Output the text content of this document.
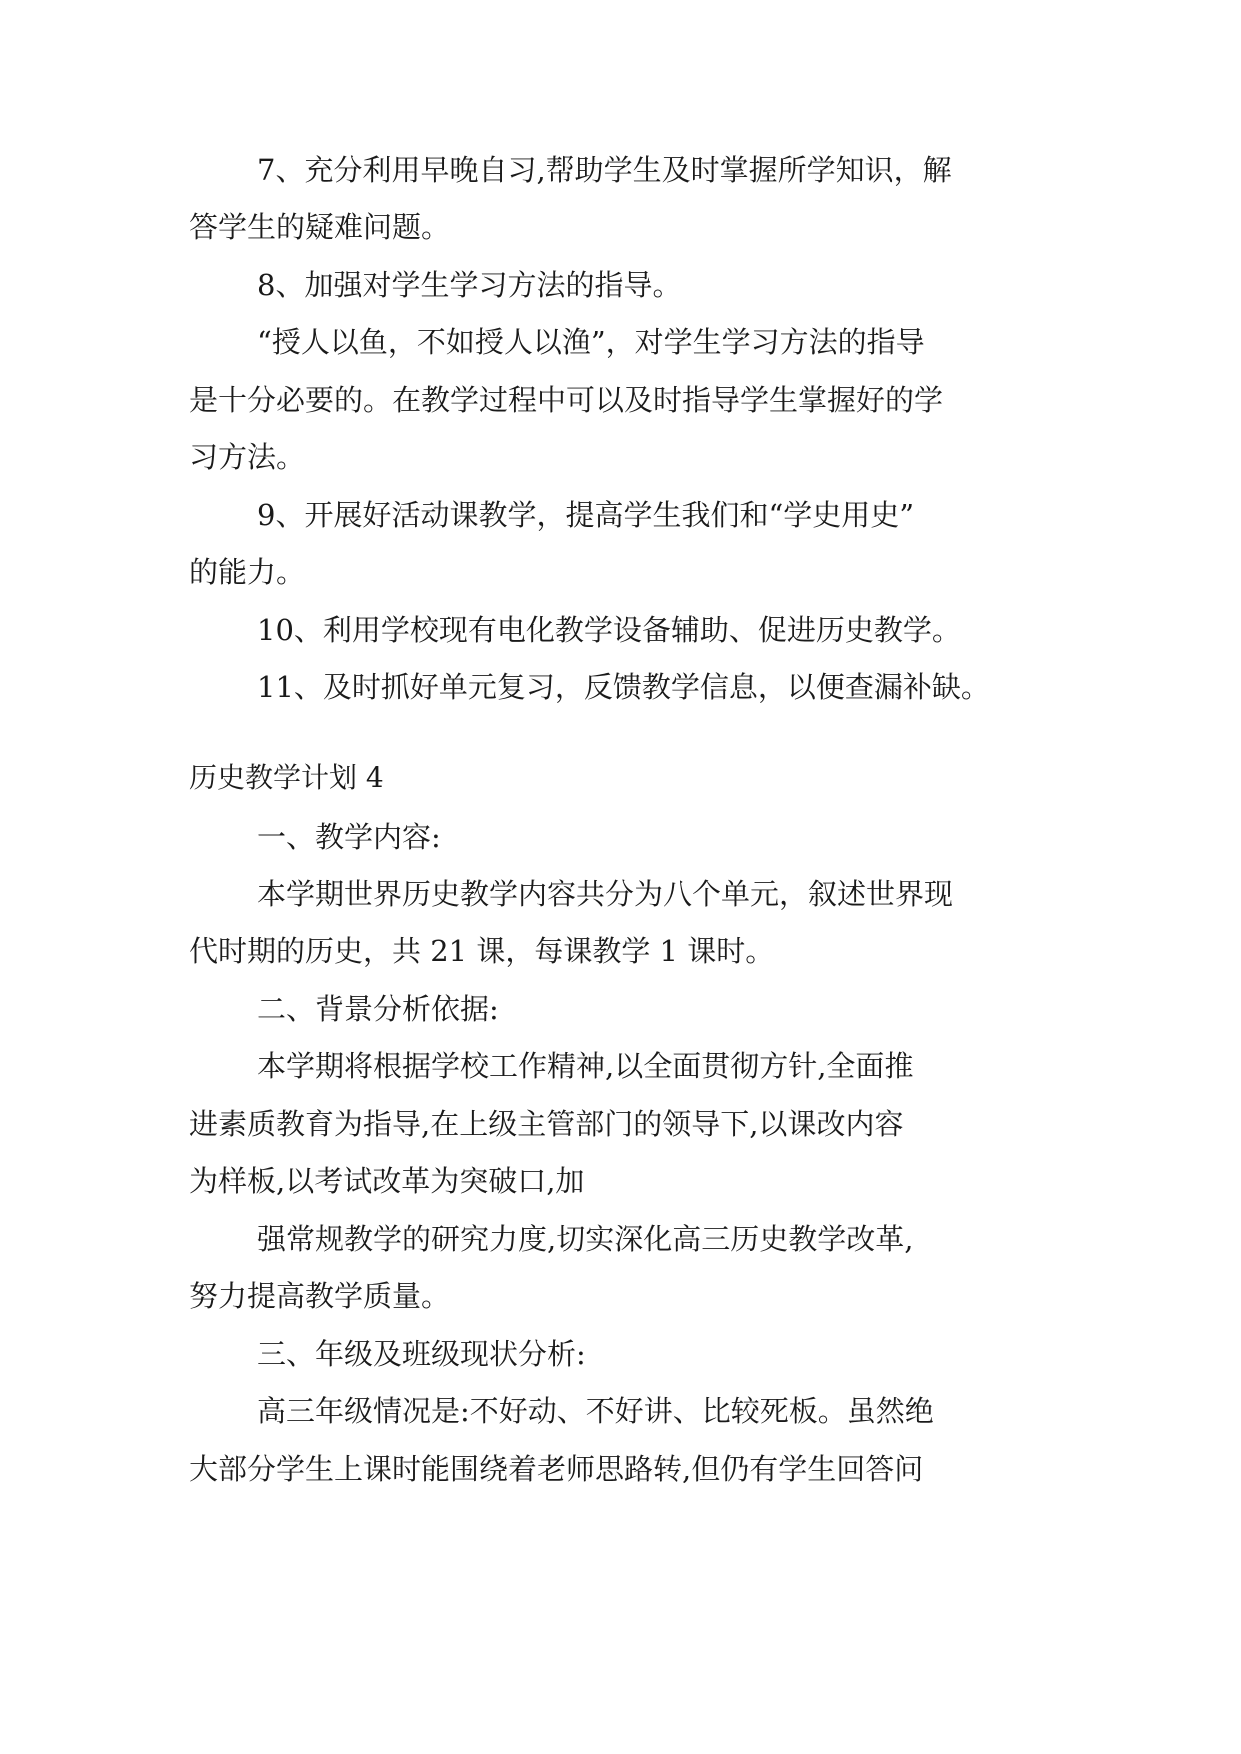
7、充分利用早晚自习,帮助学生及时掌握所学知识，解
答学生的疑难问题。
8、加强对学生学习方法的指导。
“授人以鱼，不如授人以渔”，对学生学习方法的指导
是十分必要的。在教学过程中可以及时指导学生掌握好的学
习方法。
9、开展好活动课教学，提高学生我们和“学史用史”
的能力。
10、利用学校现有电化教学设备辅助、促进历史教学。
11、及时抓好单元复习，反馈教学信息，以便查漏补缺。
历史教学计划 4
一、教学内容:
本学期世界历史教学内容共分为八个单元，叙述世界现
代时期的历史，共 21 课，每课教学 1 课时。
二、背景分析依据:
本学期将根据学校工作精神,以全面贯彻方针,全面推
进素质教育为指导,在上级主管部门的领导下,以课改内容
为样板,以考试改革为突破口,加
强常规教学的研究力度,切实深化高三历史教学改革,
努力提高教学质量。
三、年级及班级现状分析:
高三年级情况是:不好动、不好讲、比较死板。虽然绝
大部分学生上课时能围绕着老师思路转,但仍有学生回答问
